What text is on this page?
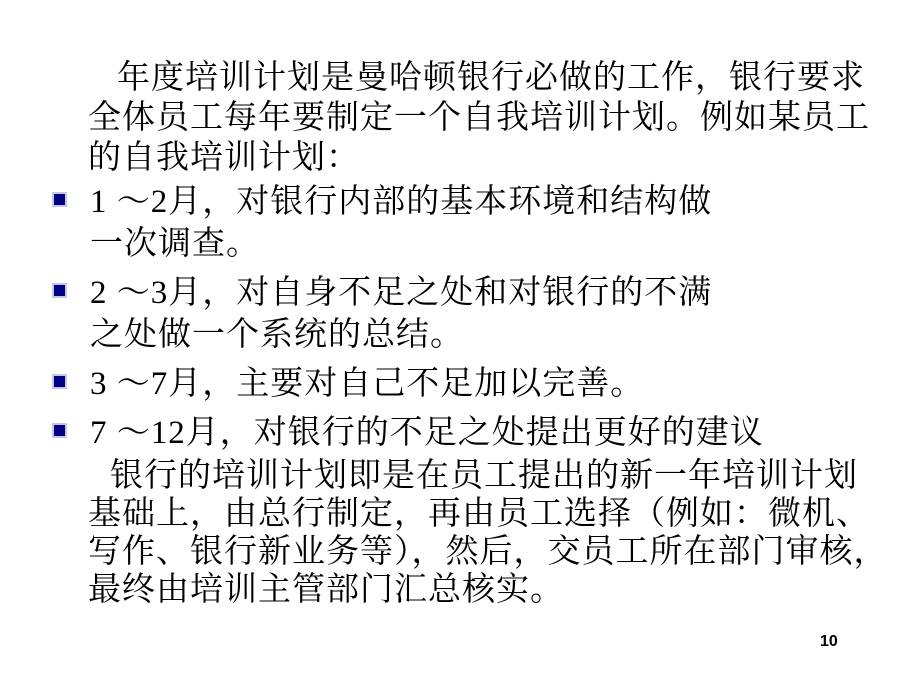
年度培训计划是曼哈顿银行必做的工作，银行要求
全体员工每年要制定一个自我培训计划。例如某员工
的自我培训计划：
1 ～2月，对银行内部的基本环境和结构做
一次调查。
2 ～3月，对自身不足之处和对银行的不满
之处做一个系统的总结。
3 ～7月，主要对自己不足加以完善。
7 ～12月，对银行的不足之处提出更好的建议
银行的培训计划即是在员工提出的新一年培训计划
基础上，由总行制定，再由员工选择（例如：微机、
写作、银行新业务等），然后，交员工所在部门审核，
最终由培训主管部门汇总核实。
10
